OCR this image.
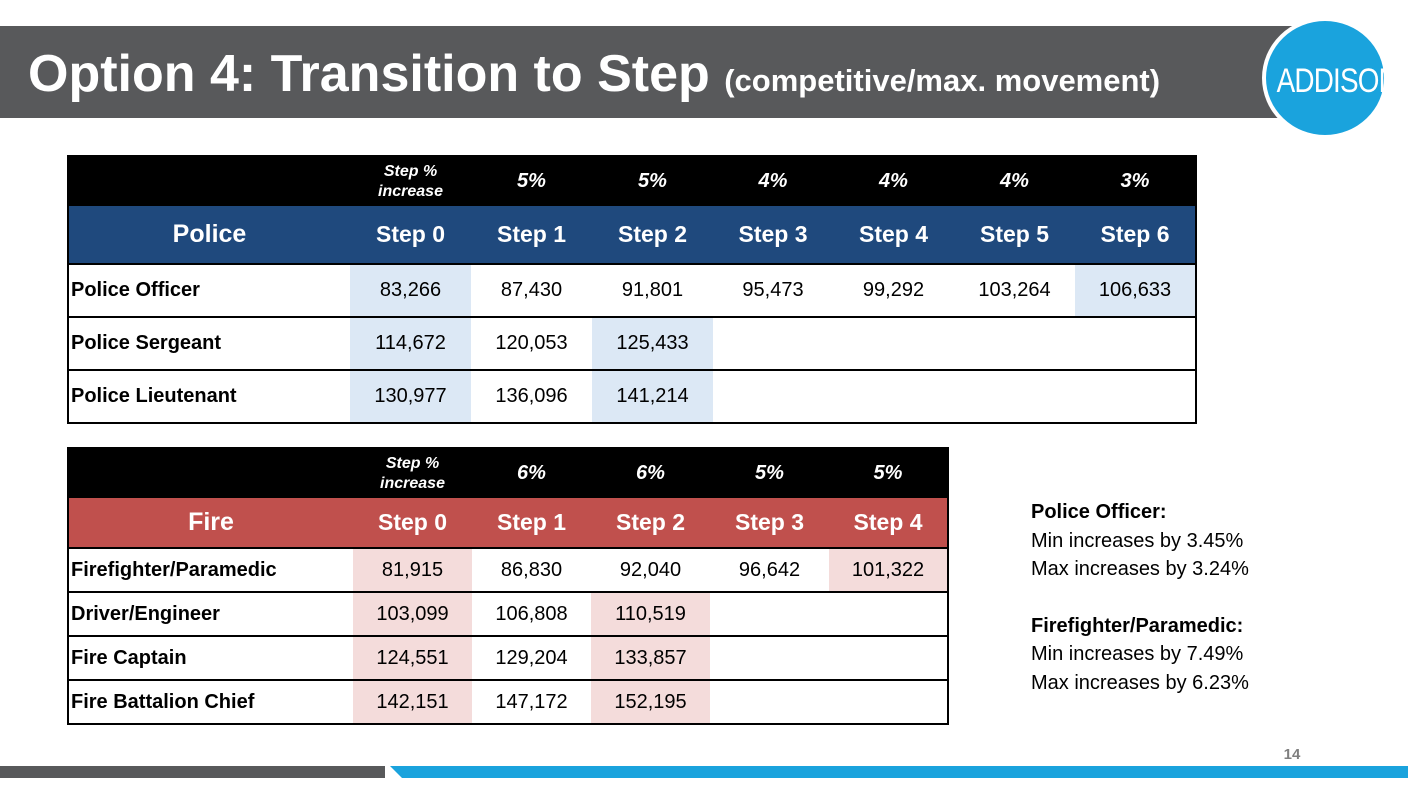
Option 4: Transition to Step (competitive/max. movement)	ADDISON
	Step % increase	5%	5%	4%	4%	4%	3%
Police	Step 0	Step 1	Step 2	Step 3	Step 4	Step 5	Step 6
Police Officer	83,266	87,430	91,801	95,473	99,292	103,264	106,633
Police Sergeant	114,672	120,053	125,433				
Police Lieutenant	130,977	136,096	141,214				
	Step % increase	6%	6%	5%	5%
Fire	Step 0	Step 1	Step 2	Step 3	Step 4
Firefighter/Paramedic	81,915	86,830	92,040	96,642	101,322
Driver/Engineer	103,099	106,808	110,519		
Fire Captain	124,551	129,204	133,857		
Fire Battalion Chief	142,151	147,172	152,195		
Police Officer:
Min increases by 3.45%
Max increases by 3.24%
Firefighter/Paramedic:
Min increases by 7.49%
Max increases by 6.23%
14
